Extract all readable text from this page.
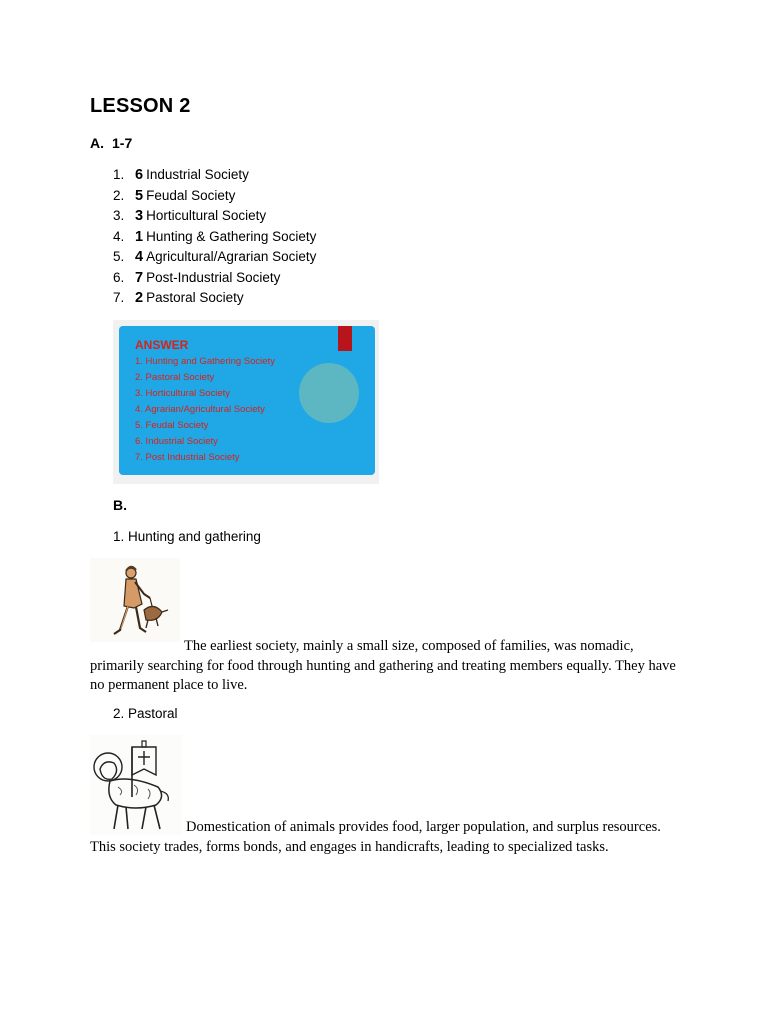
LESSON 2
A. 1-7
1. 6 Industrial Society
2. 5 Feudal Society
3. 3 Horticultural Society
4. 1 Hunting & Gathering Society
5. 4 Agricultural/Agrarian Society
6. 7 Post-Industrial Society
7. 2 Pastoral Society
ANSWER
1. Hunting and Gathering Society
2. Pastoral Society
3. Horticultural Society
4. Agrarian/Agricultural Society
5. Feudal Society
6. Industrial Society
7. Post Industrial Society
B.
1. Hunting and gathering

The earliest society, mainly a small size, composed of families, was nomadic, primarily searching for food through hunting and gathering and treating members equally. They have no permanent place to live.

2. Pastoral

Domestication of animals provides food, larger population, and surplus resources. This society trades, forms bonds, and engages in handicrafts, leading to specialized tasks.
